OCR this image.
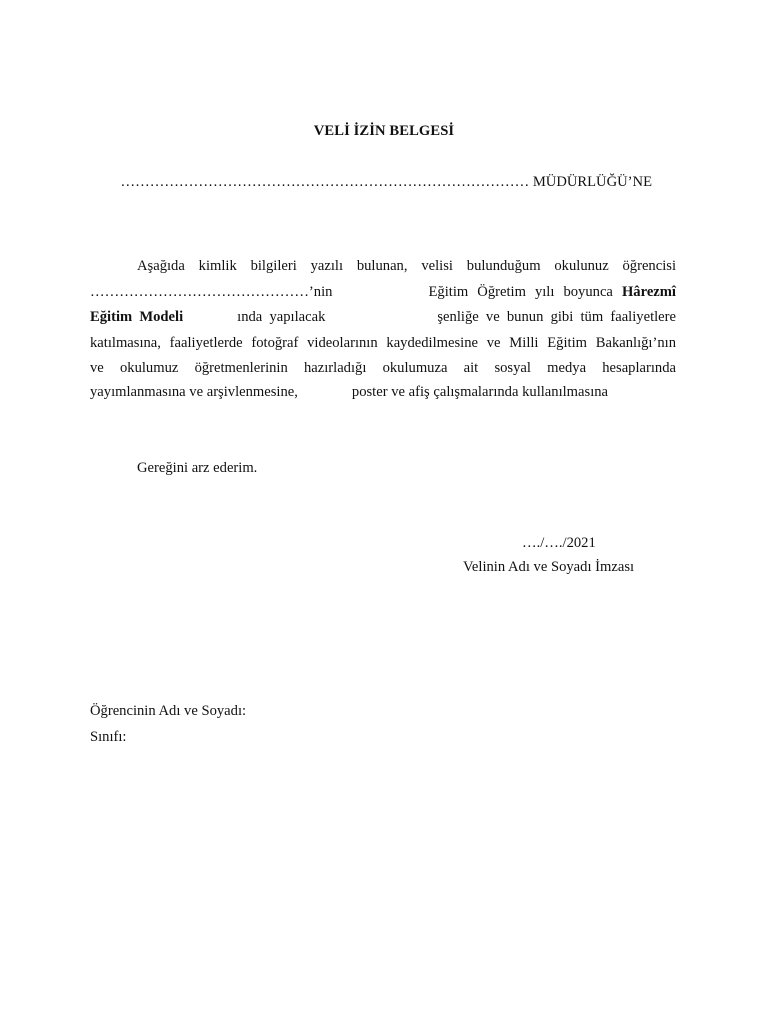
VELİ İZİN BELGESİ
………………………………………………………………………… MÜDÜRLÜĞÜ’NE
Aşağıda kimlik bilgileri yazılı bulunan, velisi bulunduğum okulunuz öğrencisi
………………………………………’nin	Eğitim Öğretim yılı boyunca Hârezmî
Eğitim Modeli	ında yapılacak	şenliğe ve bunun gibi tüm faaliyetlere
katılmasına, faaliyetlerde fotoğraf videolarının kaydedilmesine ve Milli Eğitim Bakanlığı’nın
ve okulumuz öğretmenlerinin hazırladığı okulumuza ait sosyal medya hesaplarında
yayımlanmasına ve arşivlenmesine,	poster ve afiş çalışmalarında kullanılmasına
Gereğini arz ederim.
…./…./2021
Velinin Adı ve Soyadı İmzası
Öğrencinin Adı ve Soyadı:
Sınıfı:
